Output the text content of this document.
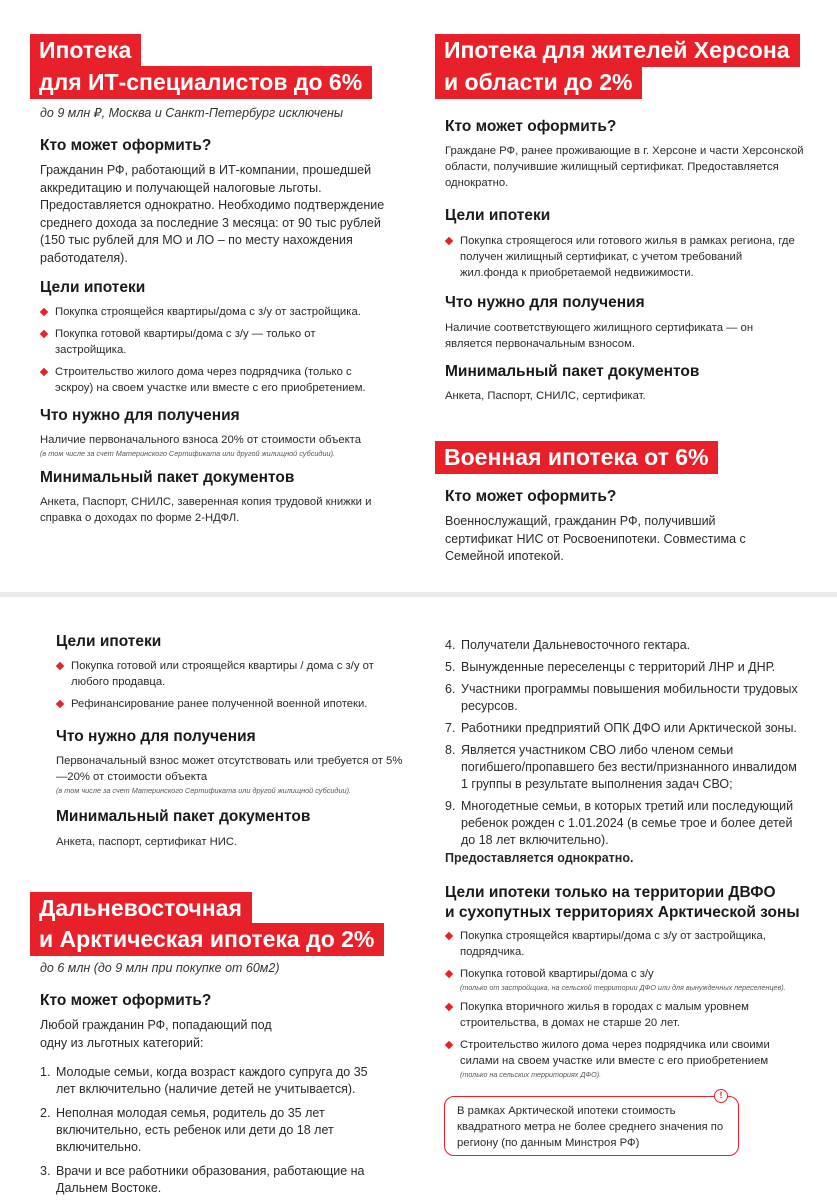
Ипотека
для ИТ-специалистов до 6%
до 9 млн ₽, Москва и Санкт-Петербург исключены
Кто может оформить?
Гражданин РФ, работающий в ИТ-компании, прошедшей аккредитацию и получающей налоговые льготы. Предоставляется однократно. Необходимо подтверждение среднего дохода за последние 3 месяца: от 90 тыс рублей (150 тыс рублей для МО и ЛО – по месту нахождения работодателя).
Цели ипотеки
Покупка строящейся квартиры/дома с з/у от застройщика.
Покупка готовой квартиры/дома с з/у — только от застройщика.
Строительство жилого дома через подрядчика (только с эскроу) на своем участке или вместе с его приобретением.
Что нужно для получения
Наличие первоначального взноса 20% от стоимости объекта
(в том числе за счет Материнского Сертификата или другой жилищной субсидии).
Минимальный пакет документов
Анкета, Паспорт, СНИЛС, заверенная копия трудовой книжки и справка о доходах по форме 2-НДФЛ.
Ипотека для жителей Херсона
и области до 2%
Кто может оформить?
Граждане РФ, ранее проживающие в г. Херсоне и части Херсонской области, получившие жилищный сертификат. Предоставляется однократно.
Цели ипотеки
Покупка строящегося или готового жилья в рамках региона, где получен жилищный сертификат, с учетом требований жил.фонда к приобретаемой недвижимости.
Что нужно для получения
Наличие соответствующего жилищного сертификата — он является первоначальным взносом.
Минимальный пакет документов
Анкета, Паспорт, СНИЛС, сертификат.
Военная ипотека от 6%
Кто может оформить?
Военнослужащий, гражданин РФ, получивший сертификат НИС от Росвоенипотеки. Совместима с Семейной ипотекой.
Цели ипотеки
Покупка готовой или строящейся квартиры / дома с з/у от любого продавца.
Рефинансирование ранее полученной военной ипотеки.
Что нужно для получения
Первоначальный взнос может отсутствовать или требуется от 5%—20% от стоимости объекта
(в том числе за счет Материнского Сертификата или другой жилищной субсидии).
Минимальный пакет документов
Анкета, паспорт, сертификат НИС.
Дальневосточная
и Арктическая ипотека до 2%
до 6 млн (до 9 млн при покупке от 60м2)
Кто может оформить?
Любой гражданин РФ, попадающий под одну из льготных категорий:
1. Молодые семьи, когда возраст каждого супруга до 35 лет включительно (наличие детей не учитывается).
2. Неполная молодая семья, родитель до 35 лет включительно, есть ребенок или дети до 18 лет включительно.
3. Врачи и все работники образования, работающие на Дальнем Востоке.
4. Получатели Дальневосточного гектара.
5. Вынужденные переселенцы с территорий ЛНР и ДНР.
6. Участники программы повышения мобильности трудовых ресурсов.
7. Работники предприятий ОПК ДФО или Арктической зоны.
8. Является участником СВО либо членом семьи погибшего/пропавшего без вести/признанного инвалидом 1 группы в результате выполнения задач СВО;
9. Многодетные семьи, в которых третий или последующий ребенок рожден с 1.01.2024 (в семье трое и более детей до 18 лет включительно).
Предоставляется однократно.
Цели ипотеки только на территории ДВФО
и сухопутных территориях Арктической зоны
Покупка строящейся квартиры/дома с з/у от застройщика, подрядчика.
Покупка готовой квартиры/дома с з/у
(только от застройщика, на сельской территории ДФО или для вынужденных переселенцев).
Покупка вторичного жилья в городах с малым уровнем строительства, в домах не старше 20 лет.
Строительство жилого дома через подрядчика или своими силами на своем участке или вместе с его приобретением
(только на сельских территориях ДФО).
В рамках Арктической ипотеки стоимость квадратного метра не более среднего значения по региону (по данным Минстроя РФ)
!
